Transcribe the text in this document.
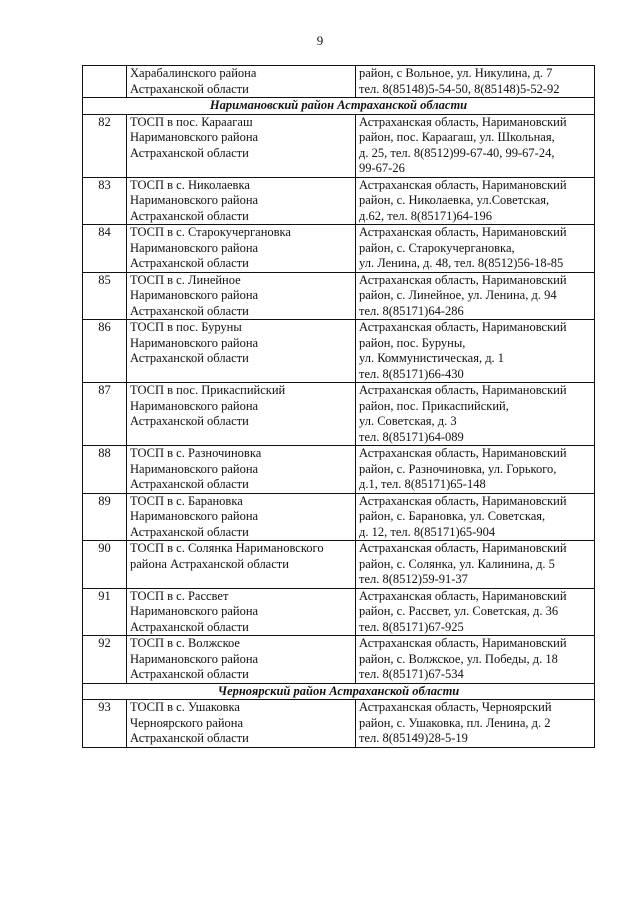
9

	Харабалинского района
Астраханской области	район, с Вольное, ул. Никулина, д. 7
тел. 8(85148)5-54-50, 8(85148)5-52-92

Наримановский район Астраханской области		
82	ТОСП в пос. Караагаш
Наримановского района
Астраханской области	Астраханская область, Наримановский
район, пос. Караагаш, ул. Школьная,
д. 25, тел. 8(8512)99-67-40, 99-67-24,
99-67-26

83	ТОСП в с. Николаевка
Наримановского района
Астраханской области	Астраханская область, Наримановский
район, с. Николаевка, ул.Советская,
д.62, тел. 8(85171)64-196

84	ТОСП в с. Старокучергановка
Наримановского района
Астраханской области	Астраханская область, Наримановский
район, с. Старокучергановка,
ул. Ленина, д. 48, тел. 8(8512)56-18-85

85	ТОСП в с. Линейное
Наримановского района
Астраханской области	Астраханская область, Наримановский
район, с. Линейное, ул. Ленина, д. 94
тел. 8(85171)64-286

86	ТОСП в пос. Буруны
Наримановского района
Астраханской области	Астраханская область, Наримановский
район, пос. Буруны,
ул. Коммунистическая, д. 1
тел. 8(85171)66-430

87	ТОСП в пос. Прикаспийский
Наримановского района
Астраханской области	Астраханская область, Наримановский
район, пос. Прикаспийский,
ул. Советская, д. 3
тел. 8(85171)64-089

88	ТОСП в с. Разночиновка
Наримановского района
Астраханской области	Астраханская область, Наримановский
район, с. Разночиновка, ул. Горького,
д.1, тел. 8(85171)65-148

89	ТОСП в с. Барановка
Наримановского района
Астраханской области	Астраханская область, Наримановский
район, с. Барановка, ул. Советская,
д. 12, тел. 8(85171)65-904

90	ТОСП в с. Солянка Наримановского
района Астраханской области	Астраханская область, Наримановский
район, с. Солянка, ул. Калинина, д. 5
тел. 8(8512)59-91-37

91	ТОСП в с. Рассвет
Наримановского района
Астраханской области	Астраханская область, Наримановский
район, с. Рассвет, ул. Советская, д. 36
тел. 8(85171)67-925

92	ТОСП в с. Волжское
Наримановского района
Астраханской области	Астраханская область, Наримановский
район, с. Волжское, ул. Победы, д. 18
тел. 8(85171)67-534

Черноярский район Астраханской области		
93	ТОСП в с. Ушаковка
Черноярского района
Астраханской области	Астраханская область, Черноярский
район, с. Ушаковка, пл. Ленина, д. 2
тел. 8(85149)28-5-19
